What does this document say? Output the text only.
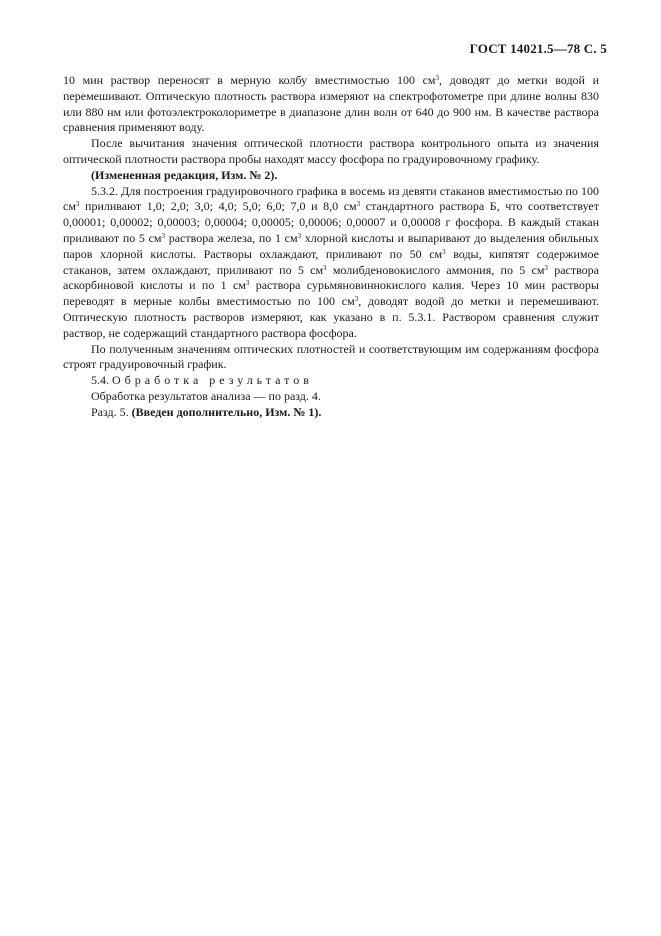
ГОСТ 14021.5—78 С. 5

10 мин раствор переносят в мерную колбу вместимостью 100 $см^3$, доводят до метки водой и перемешивают. Оптическую плотность раствора измеряют на спектрофотометре при длине волны 830 или 880 нм или фотоэлектроколориметре в диапазоне длин волн от 640 до 900 нм. В качестве раствора сравнения применяют воду.

После вычитания значения оптической плотности раствора контрольного опыта из значения оптической плотности раствора пробы находят массу фосфора по градуировочному графику.

(Измененная редакция, Изм. № 2).

5.3.2. Для построения градуировочного графика в восемь из девяти стаканов вместимостью по 100 $см^3$ приливают 1,0; 2,0; 3,0; 4,0; 5,0; 6,0; 7,0 и 8,0 $см^3$ стандартного раствора Б, что соответствует 0,00001; 0,00002; 0,00003; 0,00004; 0,00005; 0,00006; 0,00007 и 0,00008 г фосфора. В каждый стакан приливают по 5 $см^3$ раствора железа, по 1 $см^3$ хлорной кислоты и выпаривают до выделения обильных паров хлорной кислоты. Растворы охлаждают, приливают по 50 $см^3$ воды, кипятят содержимое стаканов, затем охлаждают, приливают по 5 $см^3$ молибденовокислого аммония, по 5 $см^3$ раствора аскорбиновой кислоты и по 1 $см^3$ раствора сурьмяновиннокислого калия. Через 10 мин растворы переводят в мерные колбы вместимостью по 100 $см^3$, доводят водой до метки и перемешивают. Оптическую плотность растворов измеряют, как указано в п. 5.3.1. Раствором сравнения служит раствор, не содержащий стандартного раствора фосфора.

По полученным значениям оптических плотностей и соответствующим им содержаниям фосфора строят градуировочный график.

5.4. Обработка результатов

Обработка результатов анализа — по разд. 4.

Разд. 5. (Введен дополнительно, Изм. № 1).
